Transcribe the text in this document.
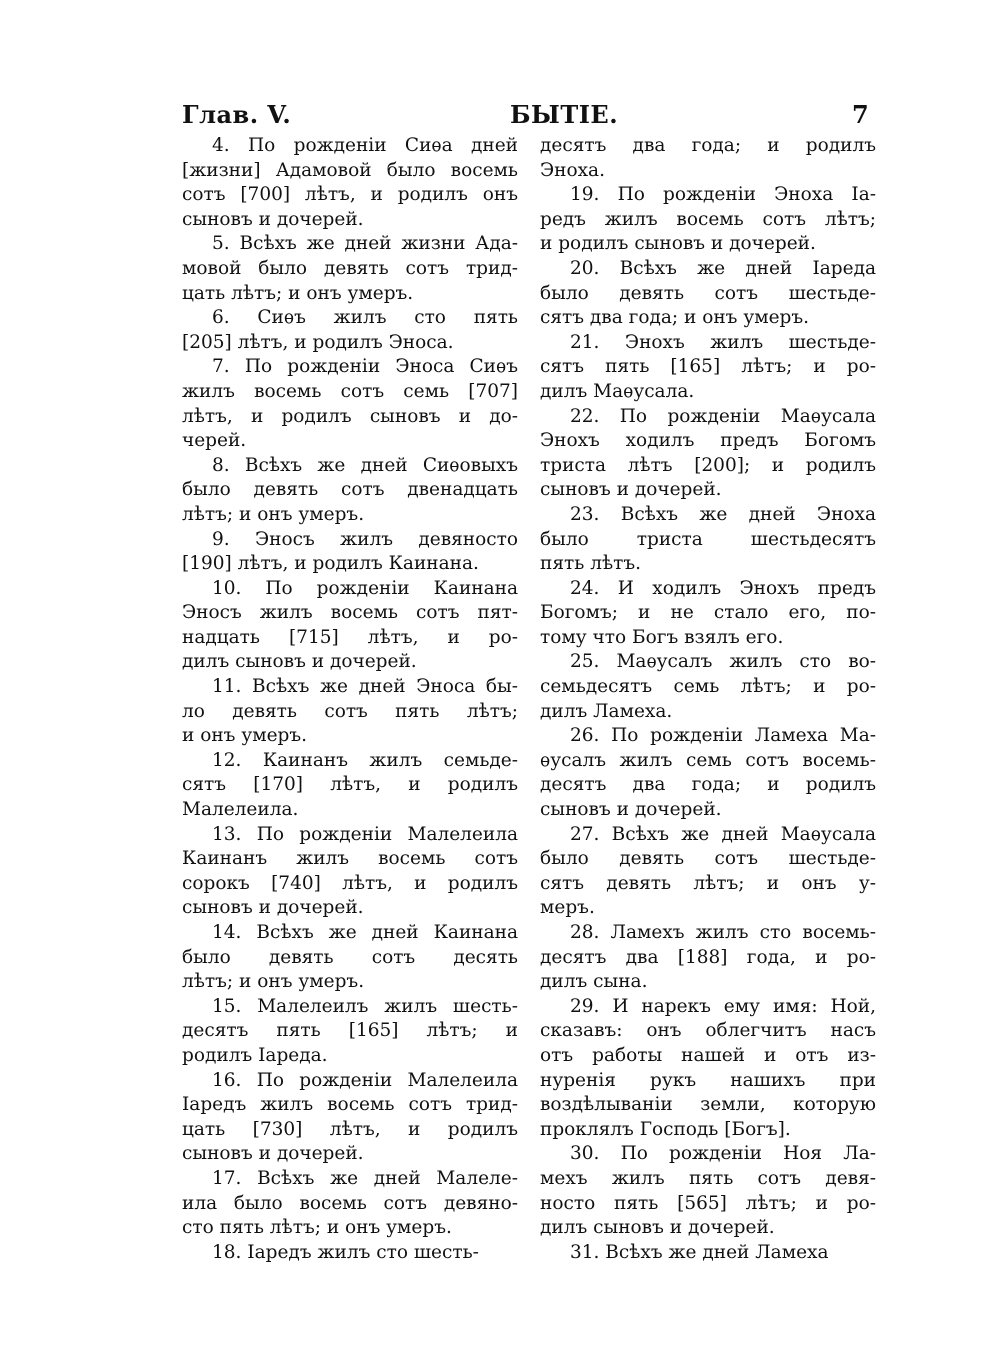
Глав. V.	БЫТІЕ.	7
4. По рожденіи Сиѳа дней
[жизни] Адамовой было восемь
сотъ [700] лѣтъ, и родилъ онъ
сыновъ и дочерей.
5. Всѣхъ же дней жизни Ада-
мовой было девять сотъ трид-
цать лѣтъ; и онъ умеръ.
6. Сиѳъ жилъ сто пять
[205] лѣтъ, и родилъ Эноса.
7. По рожденіи Эноса Сиѳъ
жилъ восемь сотъ семь [707]
лѣтъ, и родилъ сыновъ и до-
черей.
8. Всѣхъ же дней Сиѳовыхъ
было девять сотъ двенадцать
лѣтъ; и онъ умеръ.
9. Эносъ жилъ девяносто
[190] лѣтъ, и родилъ Каинана.
10. По рожденіи Каинана
Эносъ жилъ восемь сотъ пят-
надцать [715] лѣтъ, и ро-
дилъ сыновъ и дочерей.
11. Всѣхъ же дней Эноса бы-
ло девять сотъ пять лѣтъ;
и онъ умеръ.
12. Каинанъ жилъ семьде-
сятъ [170] лѣтъ, и родилъ
Малелеила.
13. По рожденіи Малелеила
Каинанъ жилъ восемь сотъ
сорокъ [740] лѣтъ, и родилъ
сыновъ и дочерей.
14. Всѣхъ же дней Каинана
было девять сотъ десять
лѣтъ; и онъ умеръ.
15. Малелеилъ жилъ шесть-
десятъ пять [165] лѣтъ; и
родилъ Іареда.
16. По рожденіи Малелеила
Іаредъ жилъ восемь сотъ трид-
цать [730] лѣтъ, и родилъ
сыновъ и дочерей.
17. Всѣхъ же дней Малеле-
ила было восемь сотъ девяно-
сто пять лѣтъ; и онъ умеръ.
18. Іаредъ жилъ сто шесть-
десятъ два года; и родилъ
Эноха.
19. По рожденіи Эноха Іа-
редъ жилъ восемь сотъ лѣтъ;
и родилъ сыновъ и дочерей.
20. Всѣхъ же дней Іареда
было девять сотъ шестьде-
сятъ два года; и онъ умеръ.
21. Энохъ жилъ шестьде-
сятъ пять [165] лѣтъ; и ро-
дилъ Маѳусала.
22. По рожденіи Маѳусала
Энохъ ходилъ предъ Богомъ
триста лѣтъ [200]; и родилъ
сыновъ и дочерей.
23. Всѣхъ же дней Эноха
было триста шестьдесятъ
пять лѣтъ.
24. И ходилъ Энохъ предъ
Богомъ; и не стало его, по-
тому что Богъ взялъ его.
25. Маѳусалъ жилъ сто во-
семьдесятъ семь лѣтъ; и ро-
дилъ Ламеха.
26. По рожденіи Ламеха Ма-
ѳусалъ жилъ семь сотъ восемь-
десятъ два года; и родилъ
сыновъ и дочерей.
27. Всѣхъ же дней Маѳусала
было девять сотъ шестьде-
сятъ девять лѣтъ; и онъ у-
меръ.
28. Ламехъ жилъ сто восемь-
десятъ два [188] года, и ро-
дилъ сына.
29. И нарекъ ему имя: Ной,
сказавъ: онъ облегчитъ насъ
отъ работы нашей и отъ из-
нуренія рукъ нашихъ при
воздѣлываніи земли, которую
проклялъ Господь [Богъ].
30. По рожденіи Ноя Ла-
мехъ жилъ пять сотъ девя-
носто пять [565] лѣтъ; и ро-
дилъ сыновъ и дочерей.
31. Всѣхъ же дней Ламеха
